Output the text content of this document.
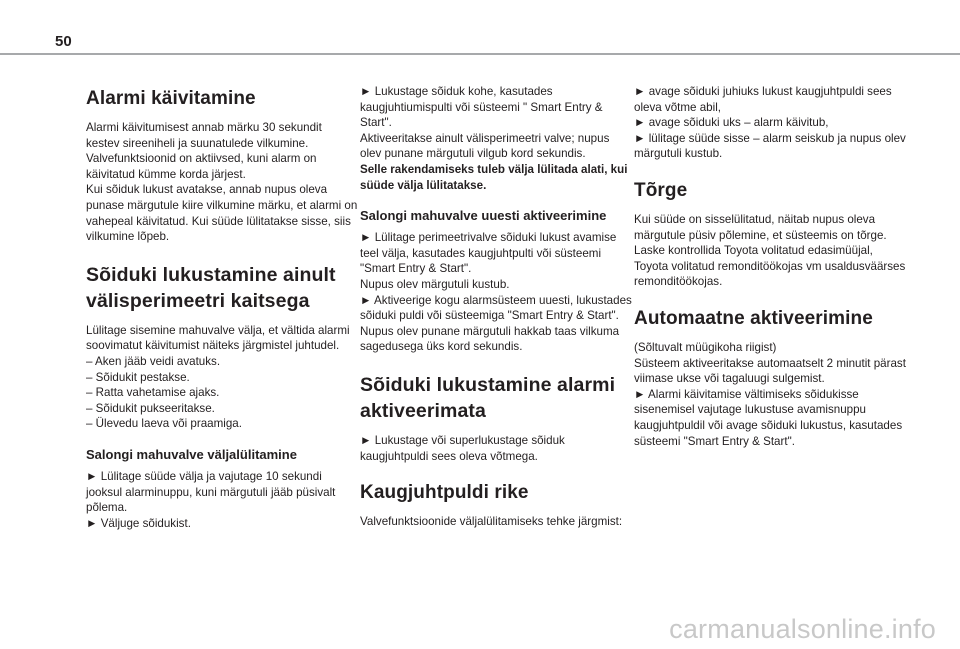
50
Alarmi käivitamine

Alarmi käivitumisest annab märku 30 sekundit kestev sireeniheli ja suunatulede vilkumine.

Valvefunktsioonid on aktiivsed, kuni alarm on käivitatud kümme korda järjest.

Kui sõiduk lukust avatakse, annab nupus oleva punase märgutule kiire vilkumine märku, et alarmi on vahepeal käivitatud. Kui süüde lülitatakse sisse, siis vilkumine lõpeb.

Sõiduki lukustamine ainult välisperimeetri kaitsega

Lülitage sisemine mahuvalve välja, et vältida alarmi soovimatut käivitumist näiteks järgmistel juhtudel.

– Aken jääb veidi avatuks.

– Sõidukit pestakse.

– Ratta vahetamise ajaks.

– Sõidukit pukseeritakse.

– Ülevedu laeva või praamiga.

Salongi mahuvalve väljalülitamine

► Lülitage süüde välja ja vajutage 10 sekundi jooksul alarminuppu, kuni märgutuli jääb püsivalt põlema.

► Väljuge sõidukist.

► Lukustage sõiduk kohe, kasutades kaugjuhtiumispulti või süsteemi " Smart Entry & Start".

Aktiveeritakse ainult välisperimeetri valve; nupus olev punane märgutuli vilgub kord sekundis.

Selle rakendamiseks tuleb välja lülitada alati, kui süüde välja lülitatakse.

Salongi mahuvalve uuesti aktiveerimine

► Lülitage perimeetrivalve sõiduki lukust avamise teel välja, kasutades kaugjuhtpulti või süsteemi "Smart Entry & Start".

Nupus olev märgutuli kustub.

► Aktiveerige kogu alarmsüsteem uuesti, lukustades sõiduki puldi või süsteemiga "Smart Entry & Start".

Nupus olev punane märgutuli hakkab taas vilkuma sagedusega üks kord sekundis.

Sõiduki lukustamine alarmi aktiveerimata

► Lukustage või superlukustage sõiduk kaugjuhtpuldi sees oleva võtmega.

Kaugjuhtpuldi rike

Valvefunktsioonide väljalülitamiseks tehke järgmist:

► avage sõiduki juhiuks lukust kaugjuhtpuldi sees oleva võtme abil,

► avage sõiduki uks – alarm käivitub,

► lülitage süüde sisse – alarm seiskub ja nupus olev märgutuli kustub.

Tõrge

Kui süüde on sisselülitatud, näitab nupus oleva märgutule püsiv põlemine, et süsteemis on tõrge.

Laske kontrollida Toyota volitatud edasimüüjal, Toyota volitatud remonditöökojas vm usaldusväärses remonditöökojas.

Automaatne aktiveerimine

(Sõltuvalt müügikoha riigist)

Süsteem aktiveeritakse automaatselt 2 minutit pärast viimase ukse või tagaluugi sulgemist.

► Alarmi käivitamise vältimiseks sõidukisse sisenemisel vajutage lukustuse avamisnuppu kaugjuhtpuldil või avage sõiduki lukustus, kasutades süsteemi "Smart Entry & Start".

carmanualsonline.info
